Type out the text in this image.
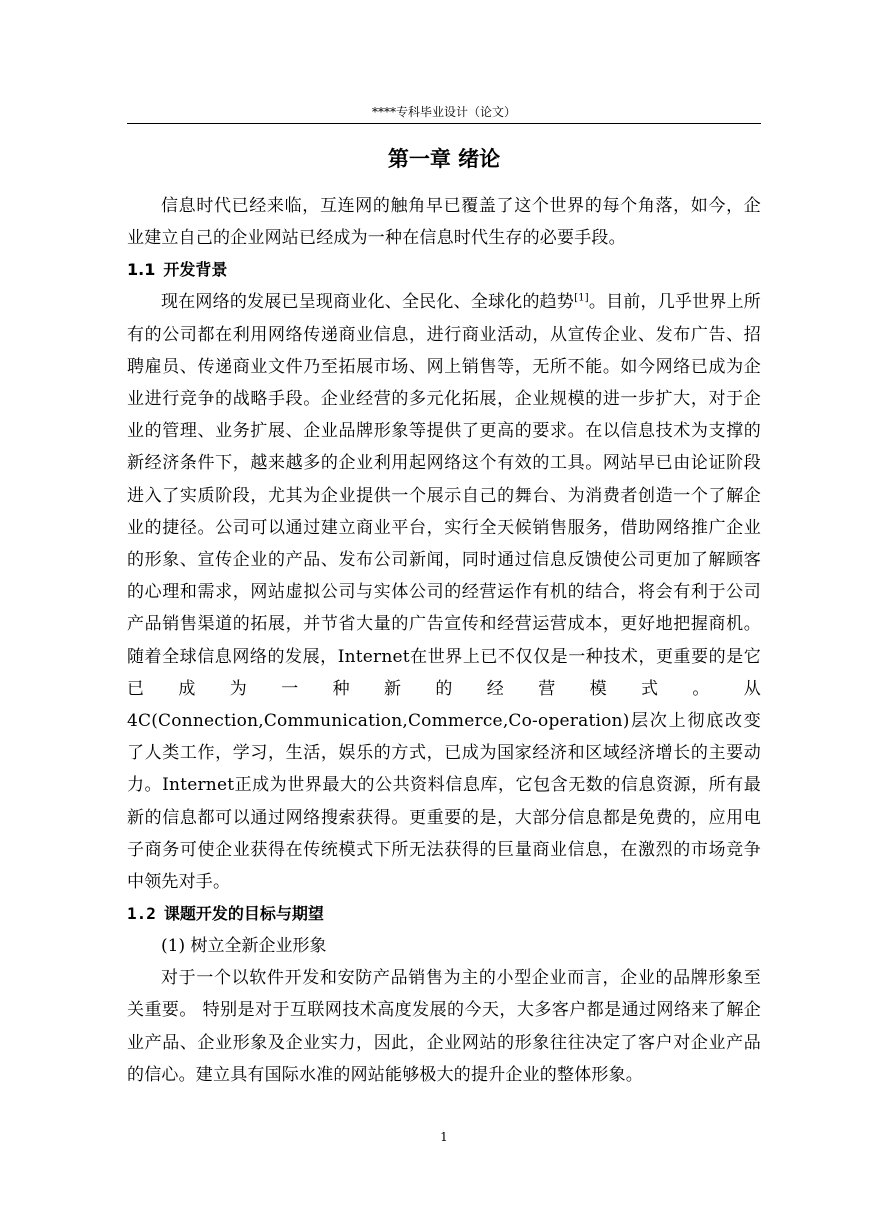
****专科毕业设计（论文）
第一章 绪论

信息时代已经来临，互连网的触角早已覆盖了这个世界的每个角落，如今，企业建立自己的企业网站已经成为一种在信息时代生存的必要手段。

1.1 开发背景

现在网络的发展已呈现商业化、全民化、全球化的趋势[1]。目前，几乎世界上所有的公司都在利用网络传递商业信息，进行商业活动，从宣传企业、发布广告、招聘雇员、传递商业文件乃至拓展市场、网上销售等，无所不能。如今网络已成为企业进行竞争的战略手段。企业经营的多元化拓展，企业规模的进一步扩大，对于企业的管理、业务扩展、企业品牌形象等提供了更高的要求。在以信息技术为支撑的新经济条件下，越来越多的企业利用起网络这个有效的工具。网站早已由论证阶段进入了实质阶段，尤其为企业提供一个展示自己的舞台、为消费者创造一个了解企业的捷径。公司可以通过建立商业平台，实行全天候销售服务，借助网络推广企业的形象、宣传企业的产品、发布公司新闻，同时通过信息反馈使公司更加了解顾客的心理和需求，网站虚拟公司与实体公司的经营运作有机的结合，将会有利于公司产品销售渠道的拓展，并节省大量的广告宣传和经营运营成本，更好地把握商机。随着全球信息网络的发展，Internet在世界上已不仅仅是一种技术，更重要的是它已成为一种新的经营模式。从4C(Connection,Communication,Commerce,Co-operation)层次上彻底改变了人类工作，学习，生活，娱乐的方式，已成为国家经济和区域经济增长的主要动力。Internet正成为世界最大的公共资料信息库，它包含无数的信息资源，所有最新的信息都可以通过网络搜索获得。更重要的是，大部分信息都是免费的，应用电子商务可使企业获得在传统模式下所无法获得的巨量商业信息，在激烈的市场竞争中领先对手。

1.2 课题开发的目标与期望

(1) 树立全新企业形象

对于一个以软件开发和安防产品销售为主的小型企业而言，企业的品牌形象至关重要。 特别是对于互联网技术高度发展的今天，大多客户都是通过网络来了解企业产品、企业形象及企业实力，因此，企业网站的形象往往决定了客户对企业产品的信心。建立具有国际水准的网站能够极大的提升企业的整体形象。

1
